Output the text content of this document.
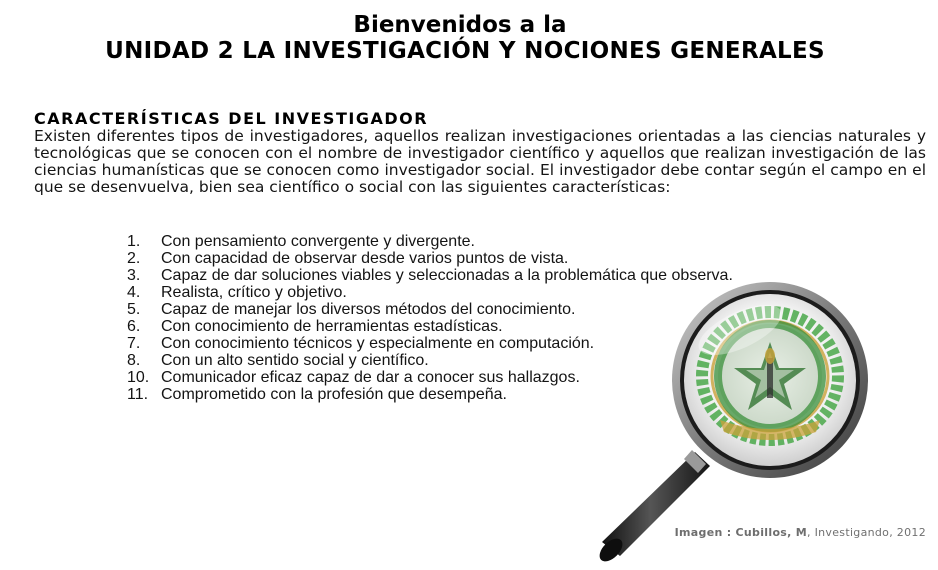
Bienvenidos a la
UNIDAD 2 LA INVESTIGACIÓN Y NOCIONES GENERALES
CARACTERÍSTICAS DEL INVESTIGADOR

Existen diferentes tipos de investigadores, aquellos realizan investigaciones orientadas a las ciencias naturales y tecnológicas que se conocen con el nombre de investigador científico y aquellos que realizan investigación de las ciencias humanísticas que se conocen como investigador social. El investigador debe contar según el campo en el que se desenvuelva, bien sea científico o social con las siguientes características:

1.	Con pensamiento convergente y divergente.
2.	Con capacidad de observar desde varios puntos de vista.
3.	Capaz de dar soluciones viables y seleccionadas a la problemática que observa.
4.	Realista, crítico y objetivo.
5.	Capaz de manejar los diversos métodos del conocimiento.
6.	Con conocimiento de herramientas estadísticas.
7.	Con conocimiento técnicos y especialmente en computación.
8.	Con un alto sentido social y científico.
10. Comunicador eficaz capaz de dar a conocer sus hallazgos.
11. Comprometido con la profesión que desempeña.
Imagen : Cubillos, M, Investigando, 2012
